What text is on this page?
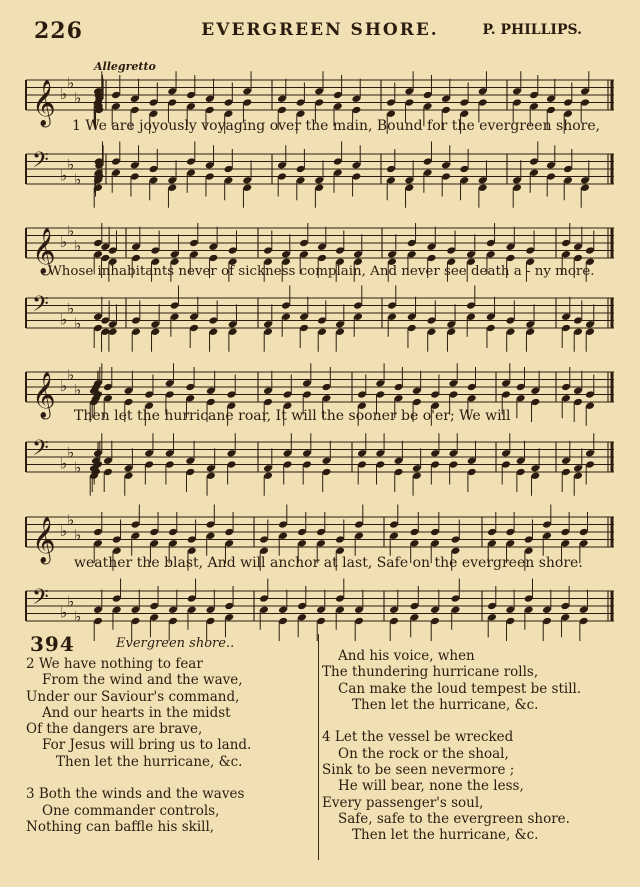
226	EVERGREEN SHORE.	P. PHILLIPS.
Allegretto
𝄞 ♭
♭
♭
1 We are joyously voyaging over the main, Bound for the evergreen shore,
𝄢 ♭
♭
♭
𝄞 ♭
♭
♭
Whose inhabitants never of sickness complain, And never see death a - ny more.
𝄢 ♭
♭
♭
𝄞 ♭
♭
♭
Then let the hurricane roar, It will the sooner be o'er; We will
𝄢 ♭
♭
♭
𝄞 ♭
♭
♭
weather the blast, And will anchor at last, Safe on the evergreen shore.
𝄢 ♭
♭
♭
394	Evergreen shore..
2 We have nothing to fear
From the wind and the wave,
Under our Saviour's command,
And our hearts in the midst
Of the dangers are brave,
For Jesus will bring us to land.
Then let the hurricane, &c.

3 Both the winds and the waves
One commander controls,
Nothing can baffle his skill,
And his voice, when
The thundering hurricane rolls,
Can make the loud tempest be still.
Then let the hurricane, &c.

4 Let the vessel be wrecked
On the rock or the shoal,
Sink to be seen nevermore ;
He will bear, none the less,
Every passenger's soul,
Safe, safe to the evergreen shore.
Then let the hurricane, &c.
